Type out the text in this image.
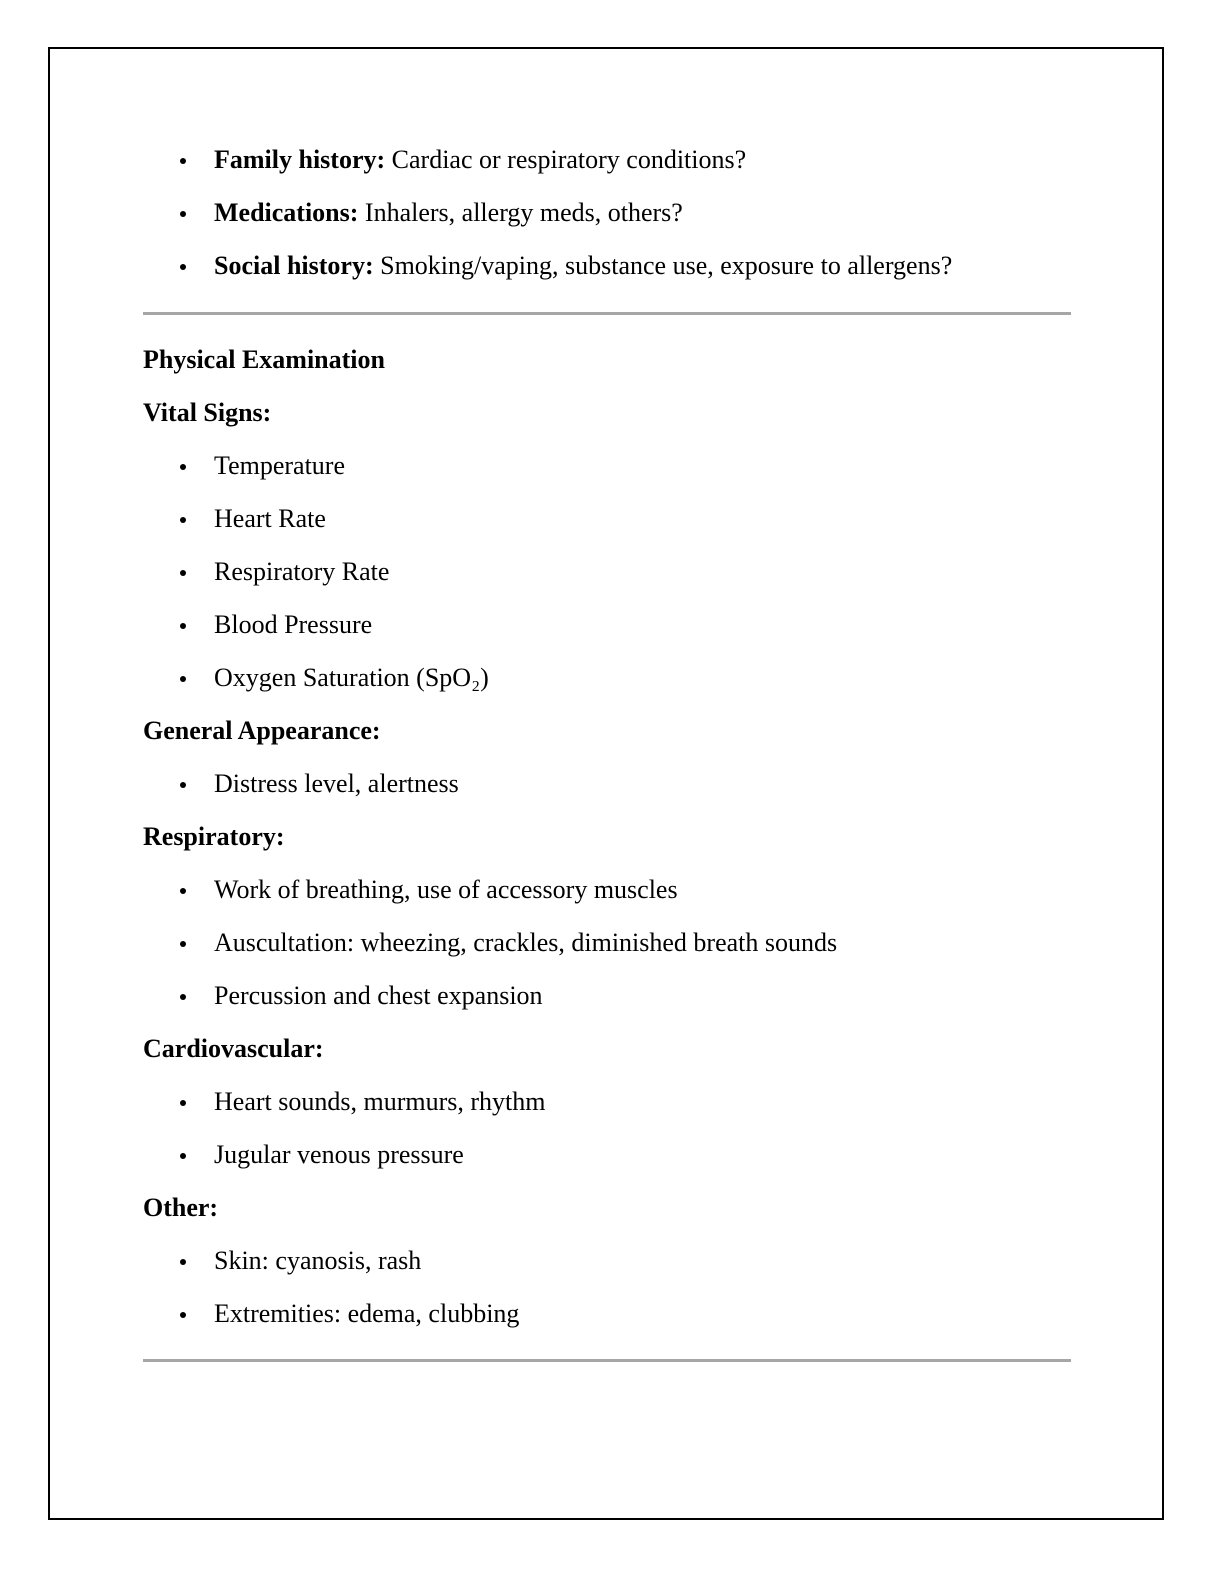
Family history: Cardiac or respiratory conditions?
Medications: Inhalers, allergy meds, others?
Social history: Smoking/vaping, substance use, exposure to allergens?

Physical Examination

Vital Signs:

Temperature
Heart Rate
Respiratory Rate
Blood Pressure
Oxygen Saturation (SpO₂)

General Appearance:

Distress level, alertness

Respiratory:

Work of breathing, use of accessory muscles
Auscultation: wheezing, crackles, diminished breath sounds
Percussion and chest expansion

Cardiovascular:

Heart sounds, murmurs, rhythm
Jugular venous pressure

Other:

Skin: cyanosis, rash
Extremities: edema, clubbing
